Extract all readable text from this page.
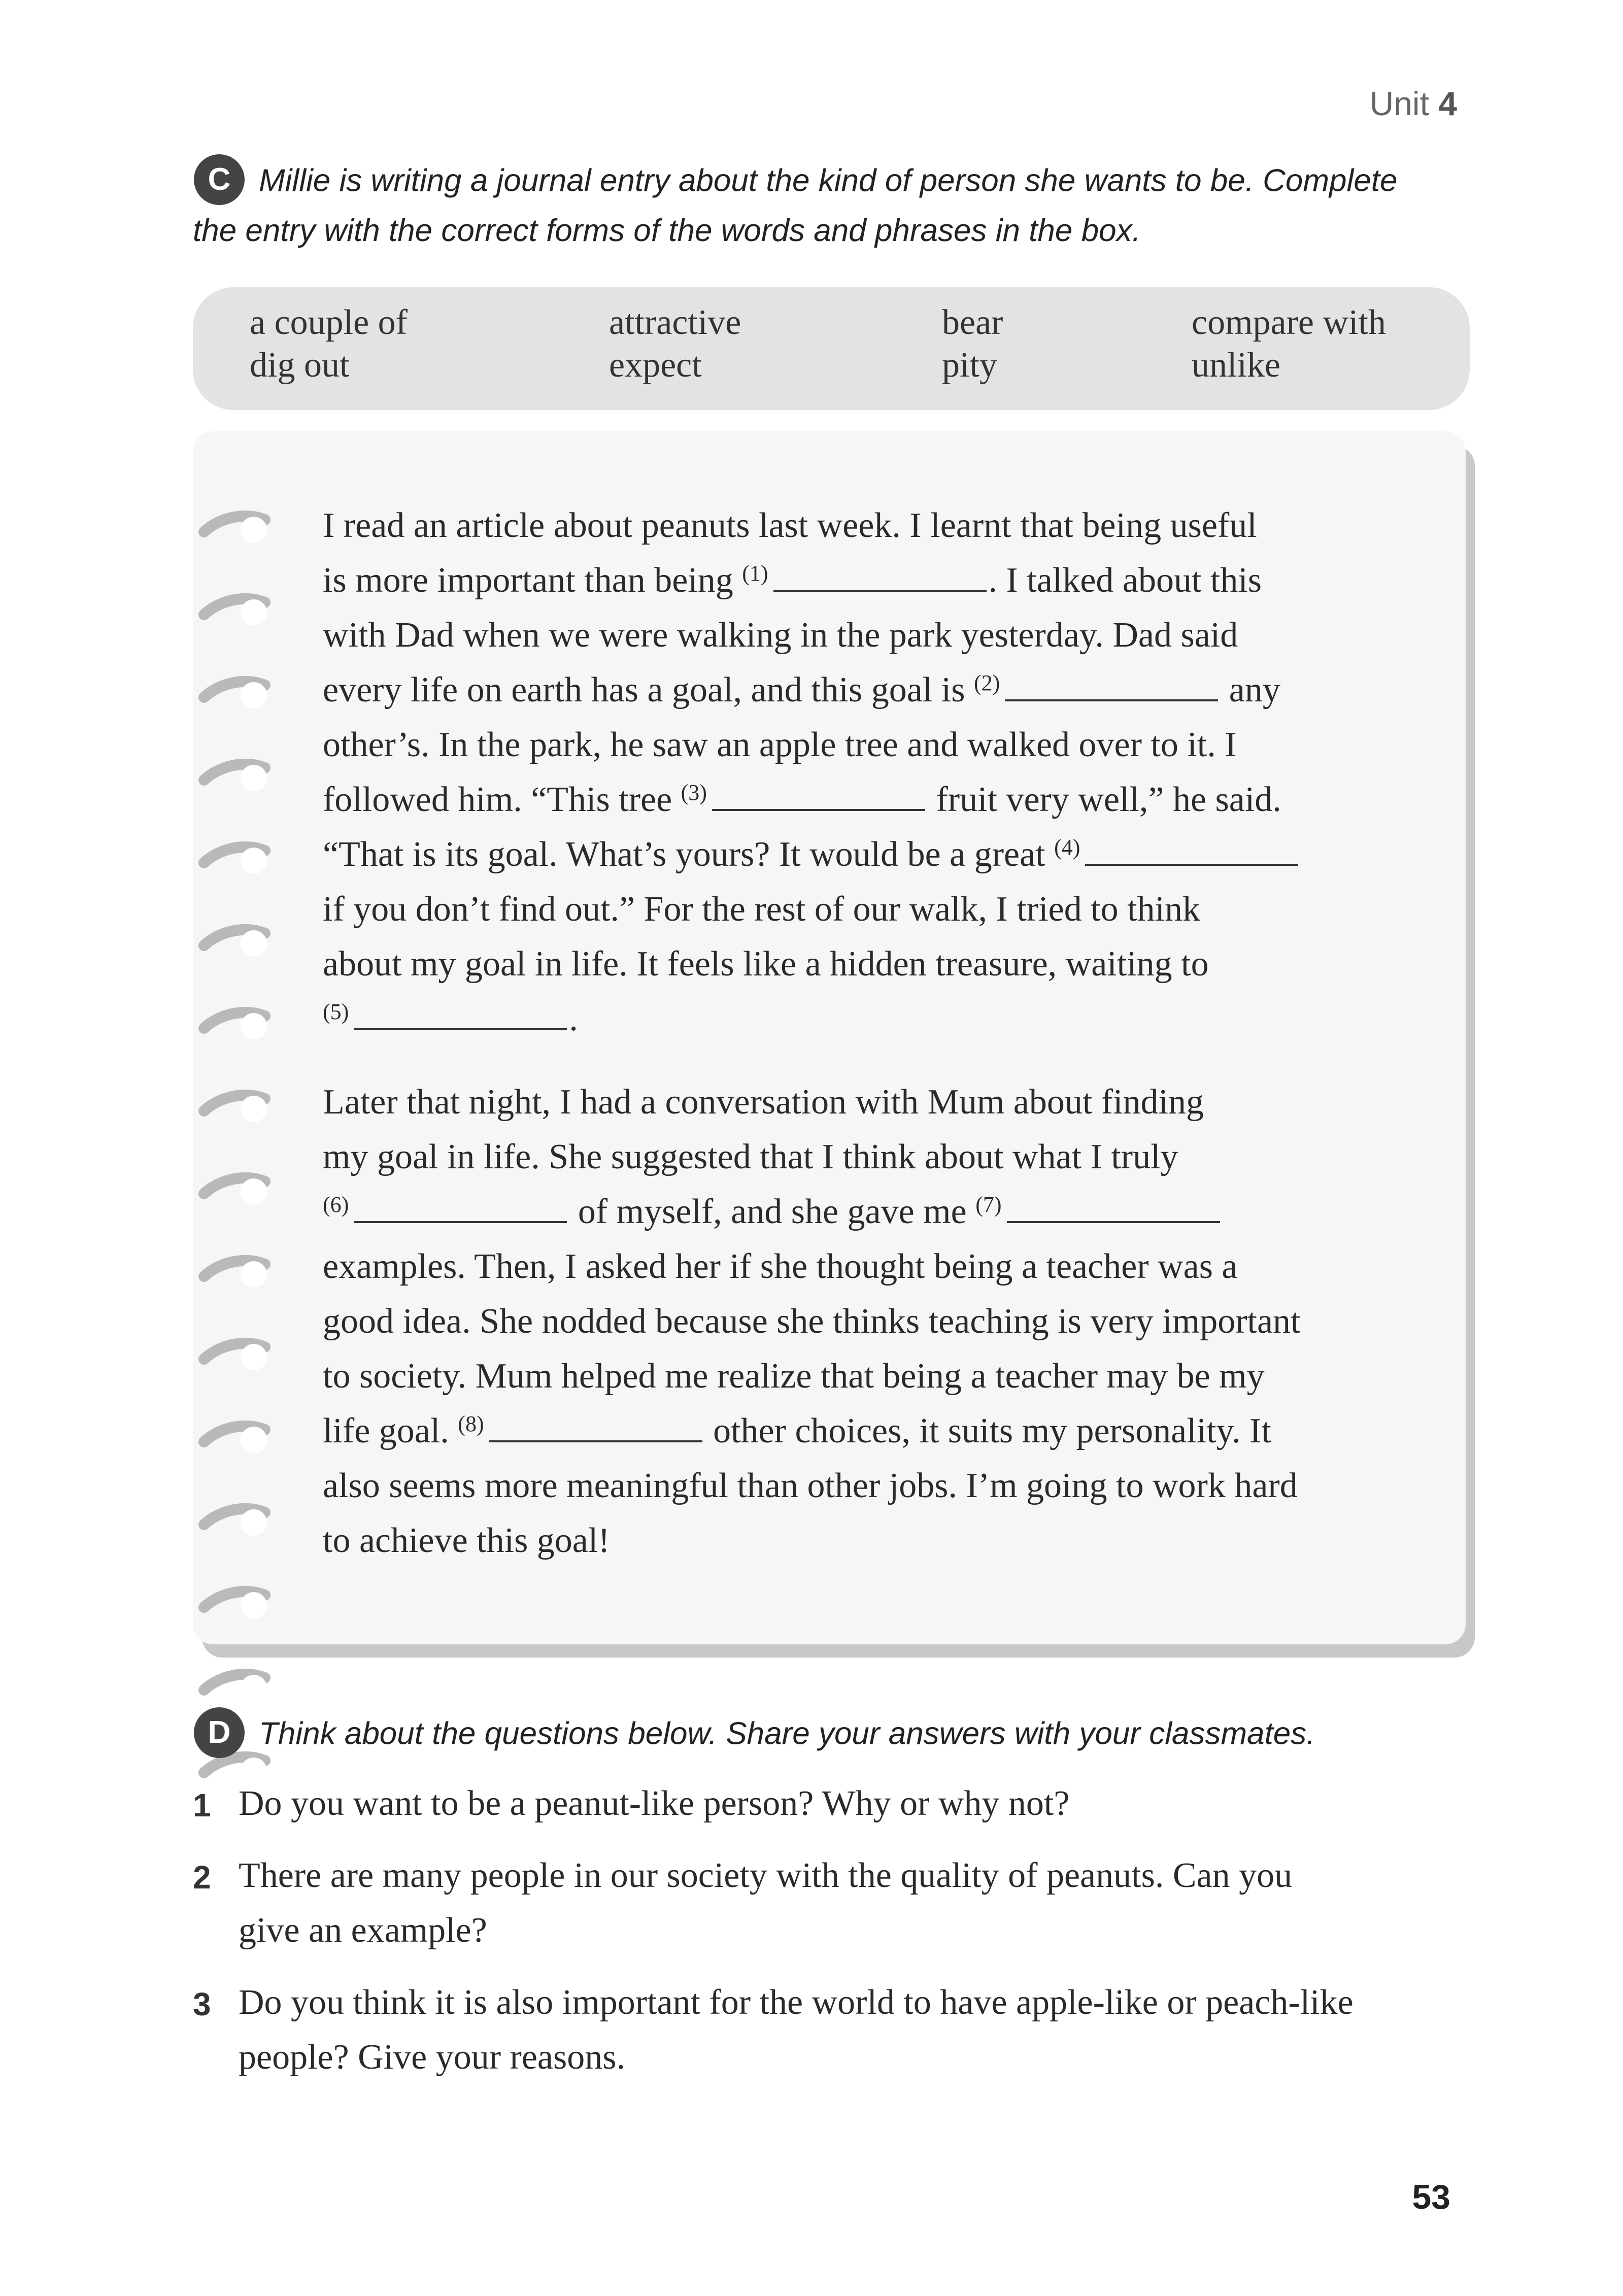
Unit 4
C Millie is writing a journal entry about the kind of person she wants to be. Complete
the entry with the correct forms of the words and phrases in the box.
a couple of	attractive	bear	compare with
dig out	expect	pity	unlike
I read an article about peanuts last week. I learnt that being useful
is more important than being $^{(1)}$	. I talked about this
with Dad when we were walking in the park yesterday. Dad said
every life on earth has a goal, and this goal is $^{(2)}$	any
other’s. In the park, he saw an apple tree and walked over to it. I
followed him. “This tree $^{(3)}$	fruit very well,” he said.
“That is its goal. What’s yours? It would be a great $^{(4)}$
if you don’t find out.” For the rest of our walk, I tried to think
about my goal in life. It feels like a hidden treasure, waiting to
$^{(5)}$	.
Later that night, I had a conversation with Mum about finding
my goal in life. She suggested that I think about what I truly
$^{(6)}$	of myself, and she gave me $^{(7)}$
examples. Then, I asked her if she thought being a teacher was a
good idea. She nodded because she thinks teaching is very important
to society. Mum helped me realize that being a teacher may be my
life goal. $^{(8)}$	other choices, it suits my personality. It
also seems more meaningful than other jobs. I’m going to work hard
to achieve this goal!
D Think about the questions below. Share your answers with your classmates.
1 Do you want to be a peanut-like person? Why or why not?
2 There are many people in our society with the quality of peanuts. Can you
give an example?
3 Do you think it is also important for the world to have apple-like or peach-like
people? Give your reasons.
53
